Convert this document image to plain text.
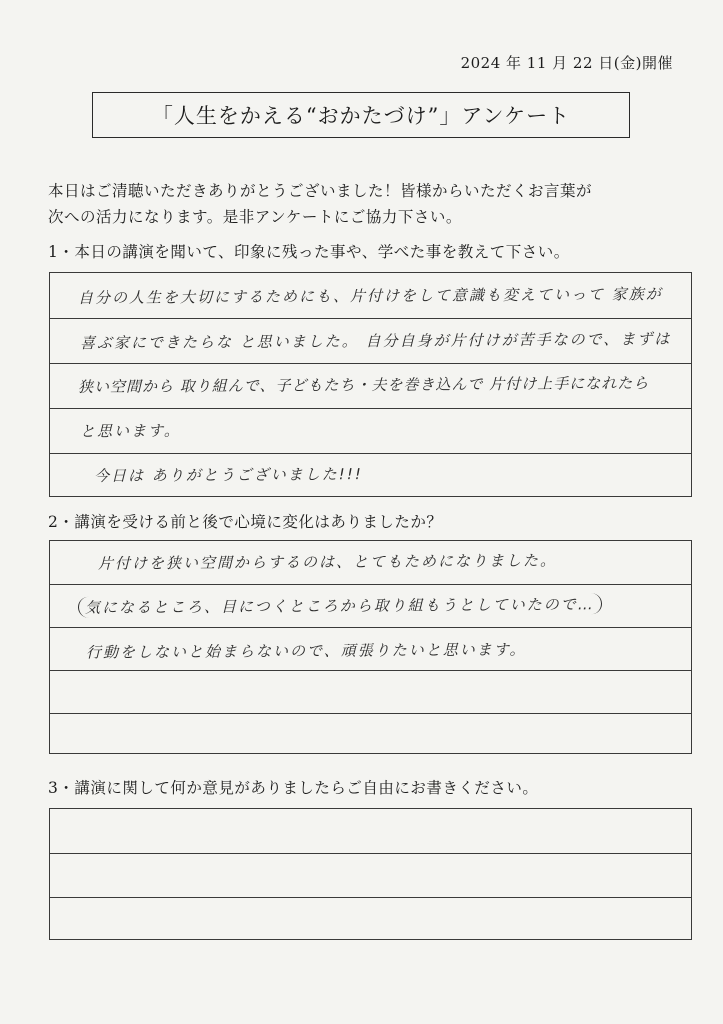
2024 年 11 月 22 日(金)開催
「人生をかえる“おかたづけ”」アンケート
本日はご清聴いただきありがとうございました！皆様からいただくお言葉が
次への活力になります。是非アンケートにご協力下さい。
1・本日の講演を聞いて、印象に残った事や、学べた事を教えて下さい。
自分の人生を大切にするためにも、片付けをして意識も変えていって 家族が
喜ぶ家にできたらな と思いました。 自分自身が片付けが苦手なので、まずは
狭い空間から 取り組んで、子どもたち・夫を巻き込んで 片付け上手になれたら
と思います。
今日は ありがとうございました!!!
2・講演を受ける前と後で心境に変化はありましたか？
片付けを狭い空間からするのは、とてもためになりました。
気になるところ、目につくところから取り組もうとしていたので…
行動をしないと始まらないので、頑張りたいと思います。
3・講演に関して何か意見がありましたらご自由にお書きください。
